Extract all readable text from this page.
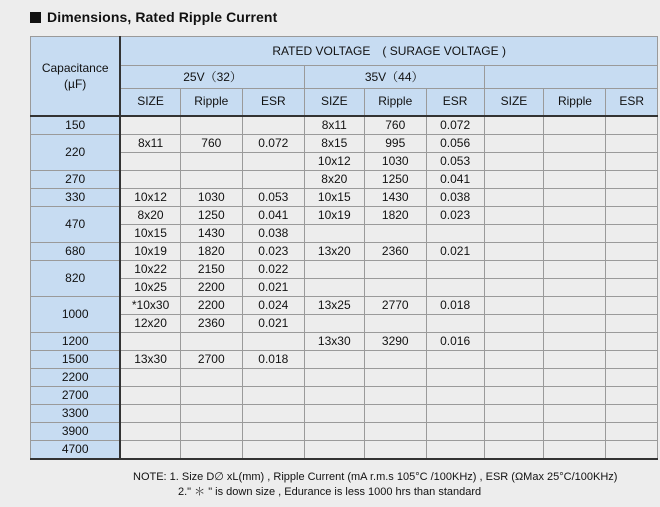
Dimensions, Rated Ripple Current
Capacitance
(µF)	RATED VOLTAGE　( SURAGE VOLTAGE )								
	25V（32）			35V（44）					
	SIZE	Ripple	ESR	SIZE	Ripple	ESR	SIZE	Ripple	ESR
150				8x11	760	0.072			
220	8x11	760	0.072	8x15	995	0.056			
				10x12	1030	0.053			
270				8x20	1250	0.041			
330	10x12	1030	0.053	10x15	1430	0.038			
470	8x20	1250	0.041	10x19	1820	0.023			
	10x15	1430	0.038						
680	10x19	1820	0.023	13x20	2360	0.021			
820	10x22	2150	0.022						
	10x25	2200	0.021						
1000	*10x30	2200	0.024	13x25	2770	0.018			
	12x20	2360	0.021						
1200				13x30	3290	0.016			
1500	13x30	2700	0.018						
2200									
2700									
3300									
3900									
4700									
NOTE: 1. Size D∅ xL(mm) , Ripple Current (mA r.m.s 105°C /100KHz) , ESR (ΩMax 25°C/100KHz)
2." ＊ " is down size , Edurance is less 1000 hrs than standard
